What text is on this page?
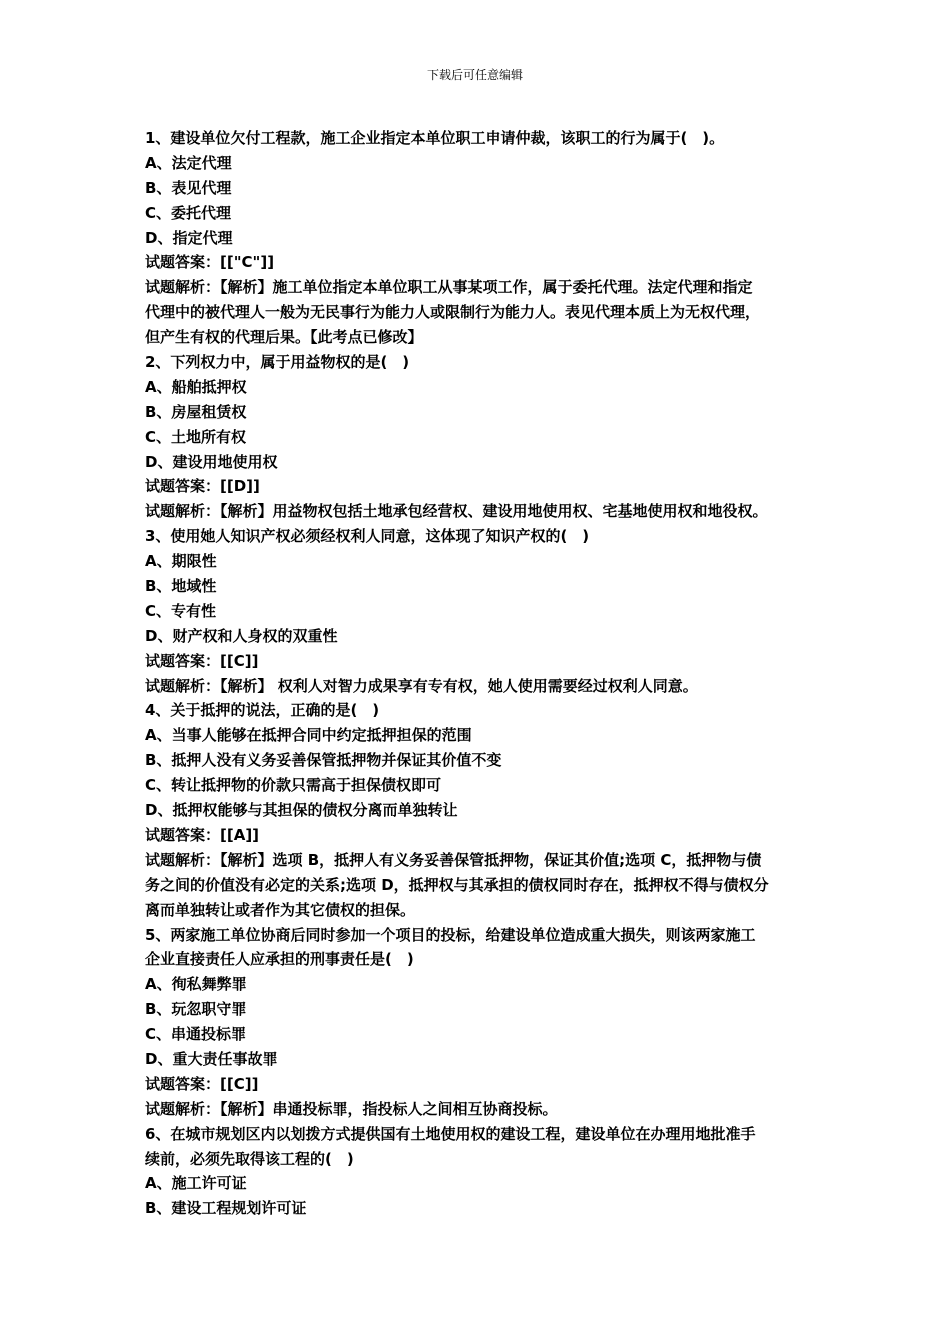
下载后可任意编辑
1、建设单位欠付工程款，施工企业指定本单位职工申请仲裁，该职工的行为属于(　)。
A、法定代理
B、表见代理
C、委托代理
D、指定代理
试题答案：[["C"]]
试题解析：【解析】施工单位指定本单位职工从事某项工作，属于委托代理。法定代理和指定
代理中的被代理人一般为无民事行为能力人或限制行为能力人。表见代理本质上为无权代理，
但产生有权的代理后果。【此考点已修改】
2、下列权力中，属于用益物权的是(　)
A、船舶抵押权
B、房屋租赁权
C、土地所有权
D、建设用地使用权
试题答案：[[D]]
试题解析：【解析】用益物权包括土地承包经营权、建设用地使用权、宅基地使用权和地役权。
3、使用她人知识产权必须经权利人同意，这体现了知识产权的(　)
A、期限性
B、地域性
C、专有性
D、财产权和人身权的双重性
试题答案：[[C]]
试题解析：【解析】 权利人对智力成果享有专有权，她人使用需要经过权利人同意。
4、关于抵押的说法，正确的是(　)
A、当事人能够在抵押合同中约定抵押担保的范围
B、抵押人没有义务妥善保管抵押物并保证其价值不变
C、转让抵押物的价款只需高于担保债权即可
D、抵押权能够与其担保的债权分离而单独转让
试题答案：[[A]]
试题解析：【解析】选项 B，抵押人有义务妥善保管抵押物，保证其价值;选项 C，抵押物与债
务之间的价值没有必定的关系;选项 D，抵押权与其承担的债权同时存在，抵押权不得与债权分
离而单独转让或者作为其它债权的担保。
5、两家施工单位协商后同时参加一个项目的投标，给建设单位造成重大损失，则该两家施工
企业直接责任人应承担的刑事责任是(　)
A、徇私舞弊罪
B、玩忽职守罪
C、串通投标罪
D、重大责任事故罪
试题答案：[[C]]
试题解析：【解析】串通投标罪，指投标人之间相互协商投标。
6、在城市规划区内以划拨方式提供国有土地使用权的建设工程，建设单位在办理用地批准手
续前，必须先取得该工程的(　)
A、施工许可证
B、建设工程规划许可证
